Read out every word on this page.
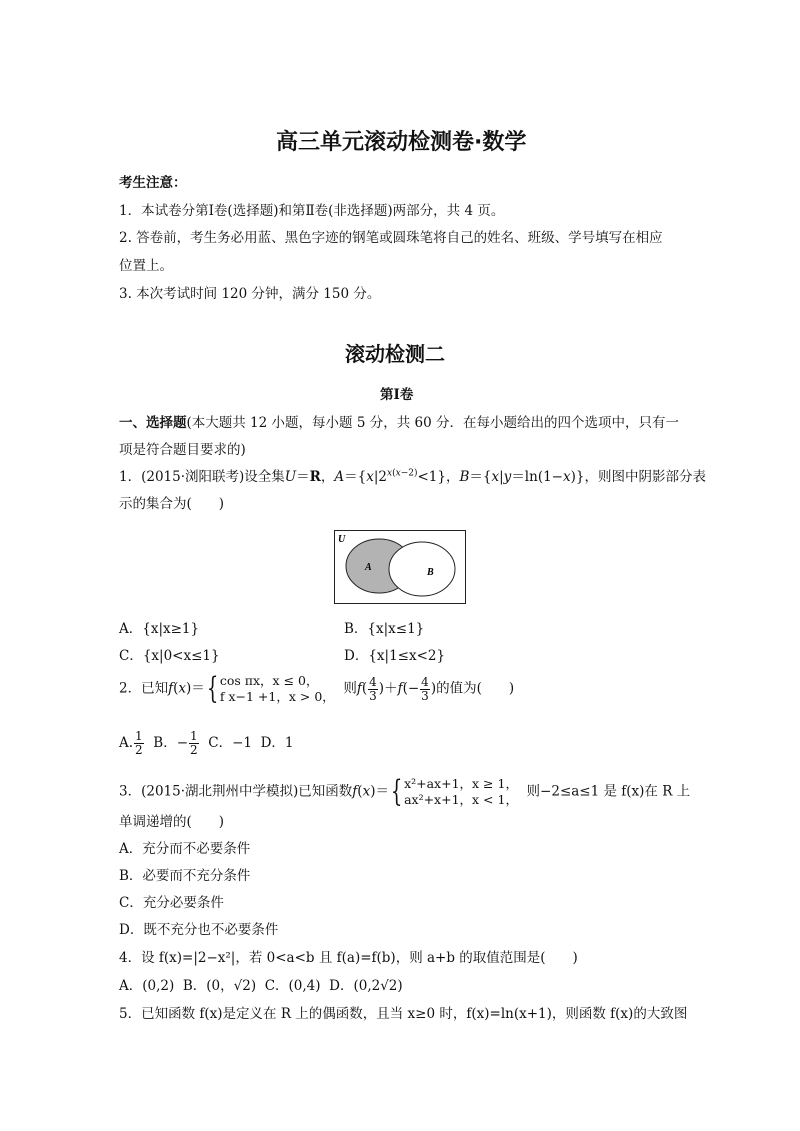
高三单元滚动检测卷·数学
考生注意：
1．本试卷分第Ⅰ卷(选择题)和第Ⅱ卷(非选择题)两部分，共 4 页。
2. 答卷前，考生务必用蓝、黑色字迹的钢笔或圆珠笔将自己的姓名、班级、学号填写在相应
位置上。
3. 本次考试时间 120 分钟，满分 150 分。
滚动检测二
第Ⅰ卷
一、选择题(本大题共 12 小题，每小题 5 分，共 60 分．在每小题给出的四个选项中，只有一
项是符合题目要求的)
1．(2015·浏阳联考)设全集U＝R，$A=\{x|2^{x(x-2)}<1\}$，B＝{x|y＝ln(1−x)}，则图中阴影部分表
示的集合为(　　)
U
A	B
A．{x|x≥1}	B．{x|x≤1}
C．{x|0<x≤1}	D．{x|1≤x<2}
2．已知f(x)＝{ cos πx，x ≤ 0，
f x−1 +1，x > 0， 则$f( \frac{4}{3} )+f(- \frac{4}{3}$ )的值为(　　)
A. $\frac{1}{2}$ B．− $\frac{1}{2}$ C．−1 D．1
3．(2015·湖北荆州中学模拟)已知函数f(x)＝{ x²+ax+1，x ≥ 1，
ax²+x+1，x < 1， 则−2≤a≤1 是 f(x)在 R 上
单调递增的(　　)
A．充分而不必要条件
B．必要而不充分条件
C．充分必要条件
D．既不充分也不必要条件
4．设 f(x)=|2−x²|，若 0<a<b 且 f(a)=f(b)，则 a+b 的取值范围是(　　)
A．(0,2) B．(0，√2) C．(0,4) D．(0,2√2)
5．已知函数 f(x)是定义在 R 上的偶函数，且当 x≥0 时，f(x)=ln(x+1)，则函数 f(x)的大致图
